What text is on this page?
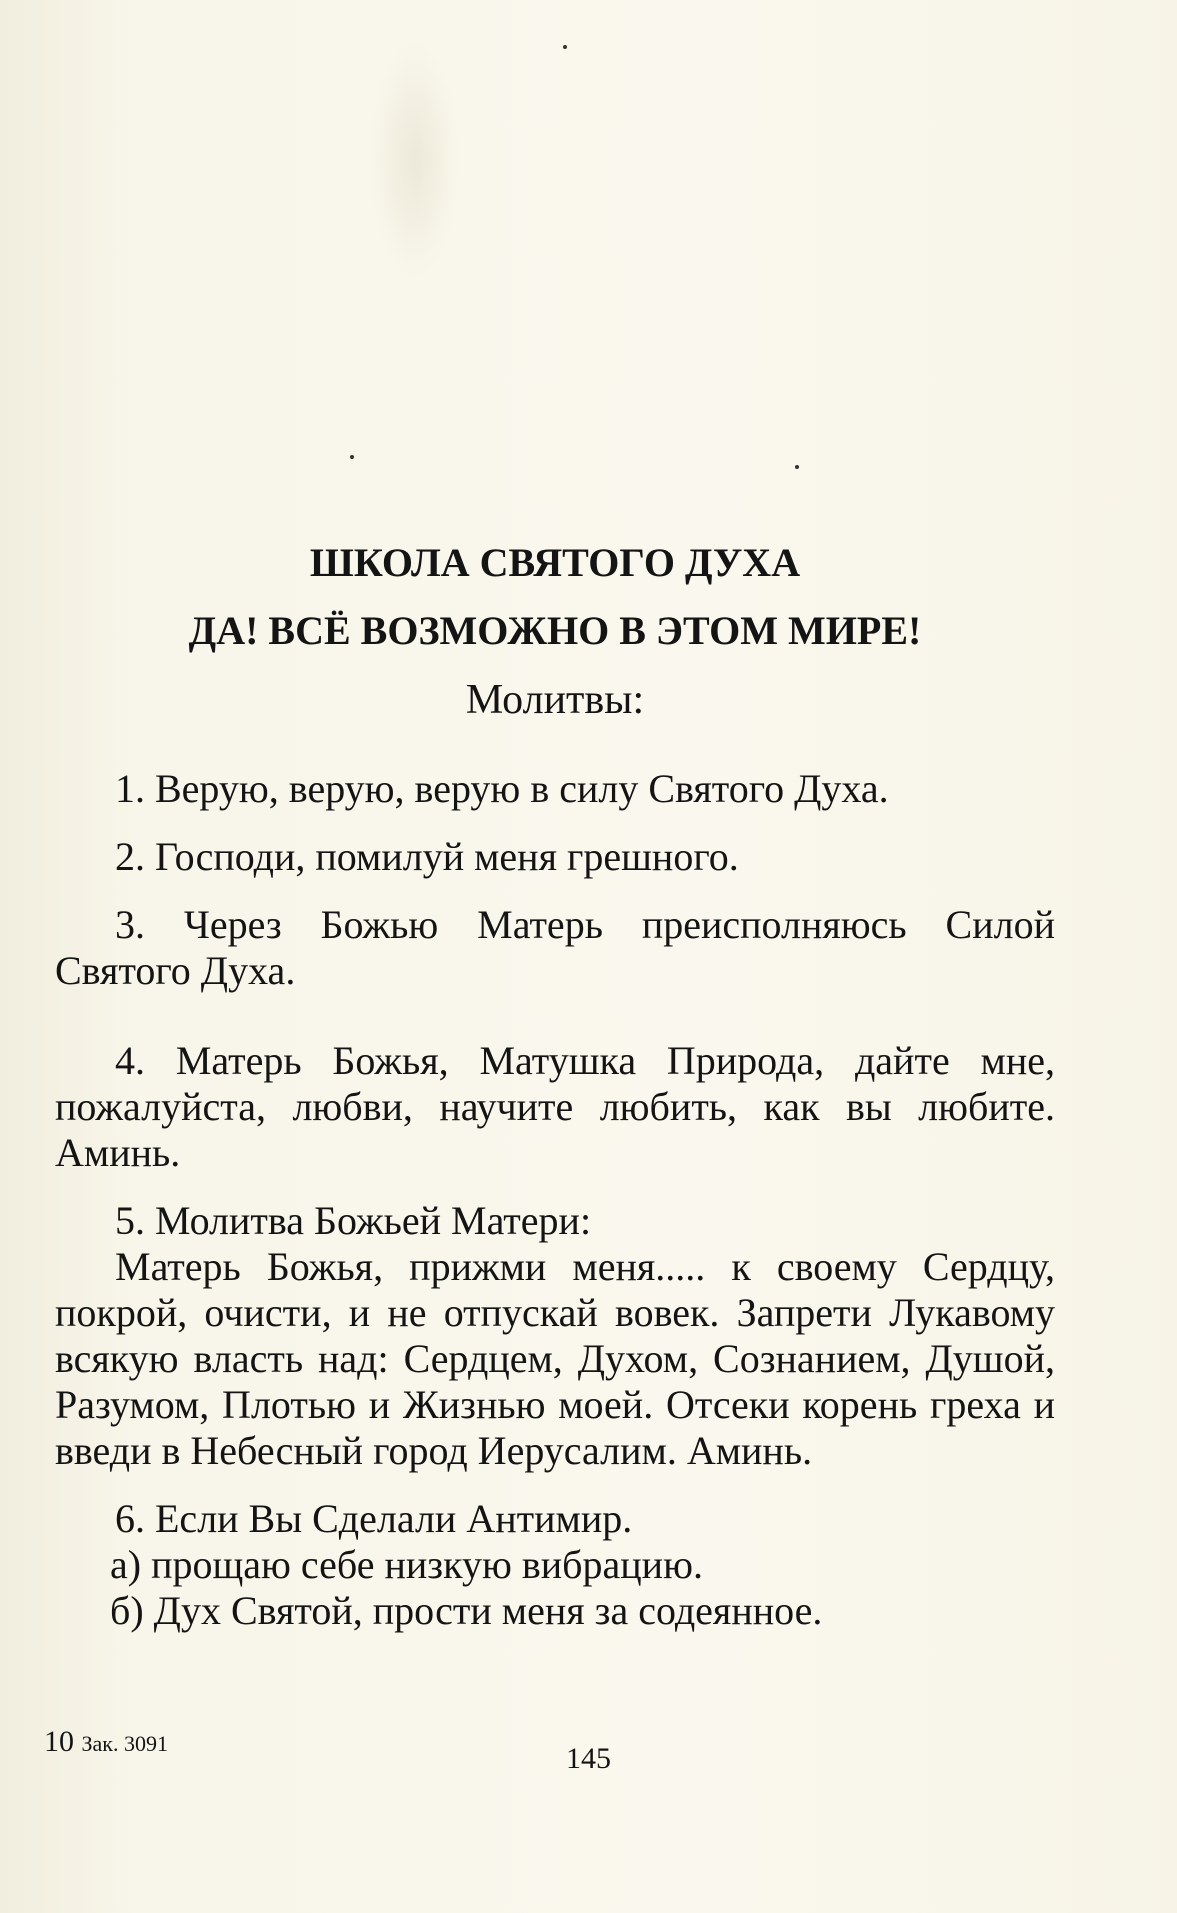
ШКОЛА СВЯТОГО ДУХА

ДА! ВСЁ ВОЗМОЖНО В ЭТОМ МИРЕ!

Молитвы:

1. Верую, верую, верую в силу Святого Духа.

2. Господи, помилуй меня грешного.

3. Через Божью Матерь преисполняюсь Силой Святого Духа.

4. Матерь Божья, Матушка Природа, дайте мне, пожалуйста, любви, научите любить, как вы любите. Аминь.

5. Молитва Божьей Матери:

Матерь Божья, прижми меня..... к своему Сердцу, покрой, очисти, и не отпускай вовек. Запрети Лукавому всякую власть над: Сердцем, Духом, Сознанием, Душой, Разумом, Плотью и Жизнью моей. Отсеки корень греха и введи в Небесный город Иерусалим. Аминь.

6. Если Вы Сделали Антимир.

а) прощаю себе низкую вибрацию.

б) Дух Святой, прости меня за содеянное.

10 Зак. 3091	145
